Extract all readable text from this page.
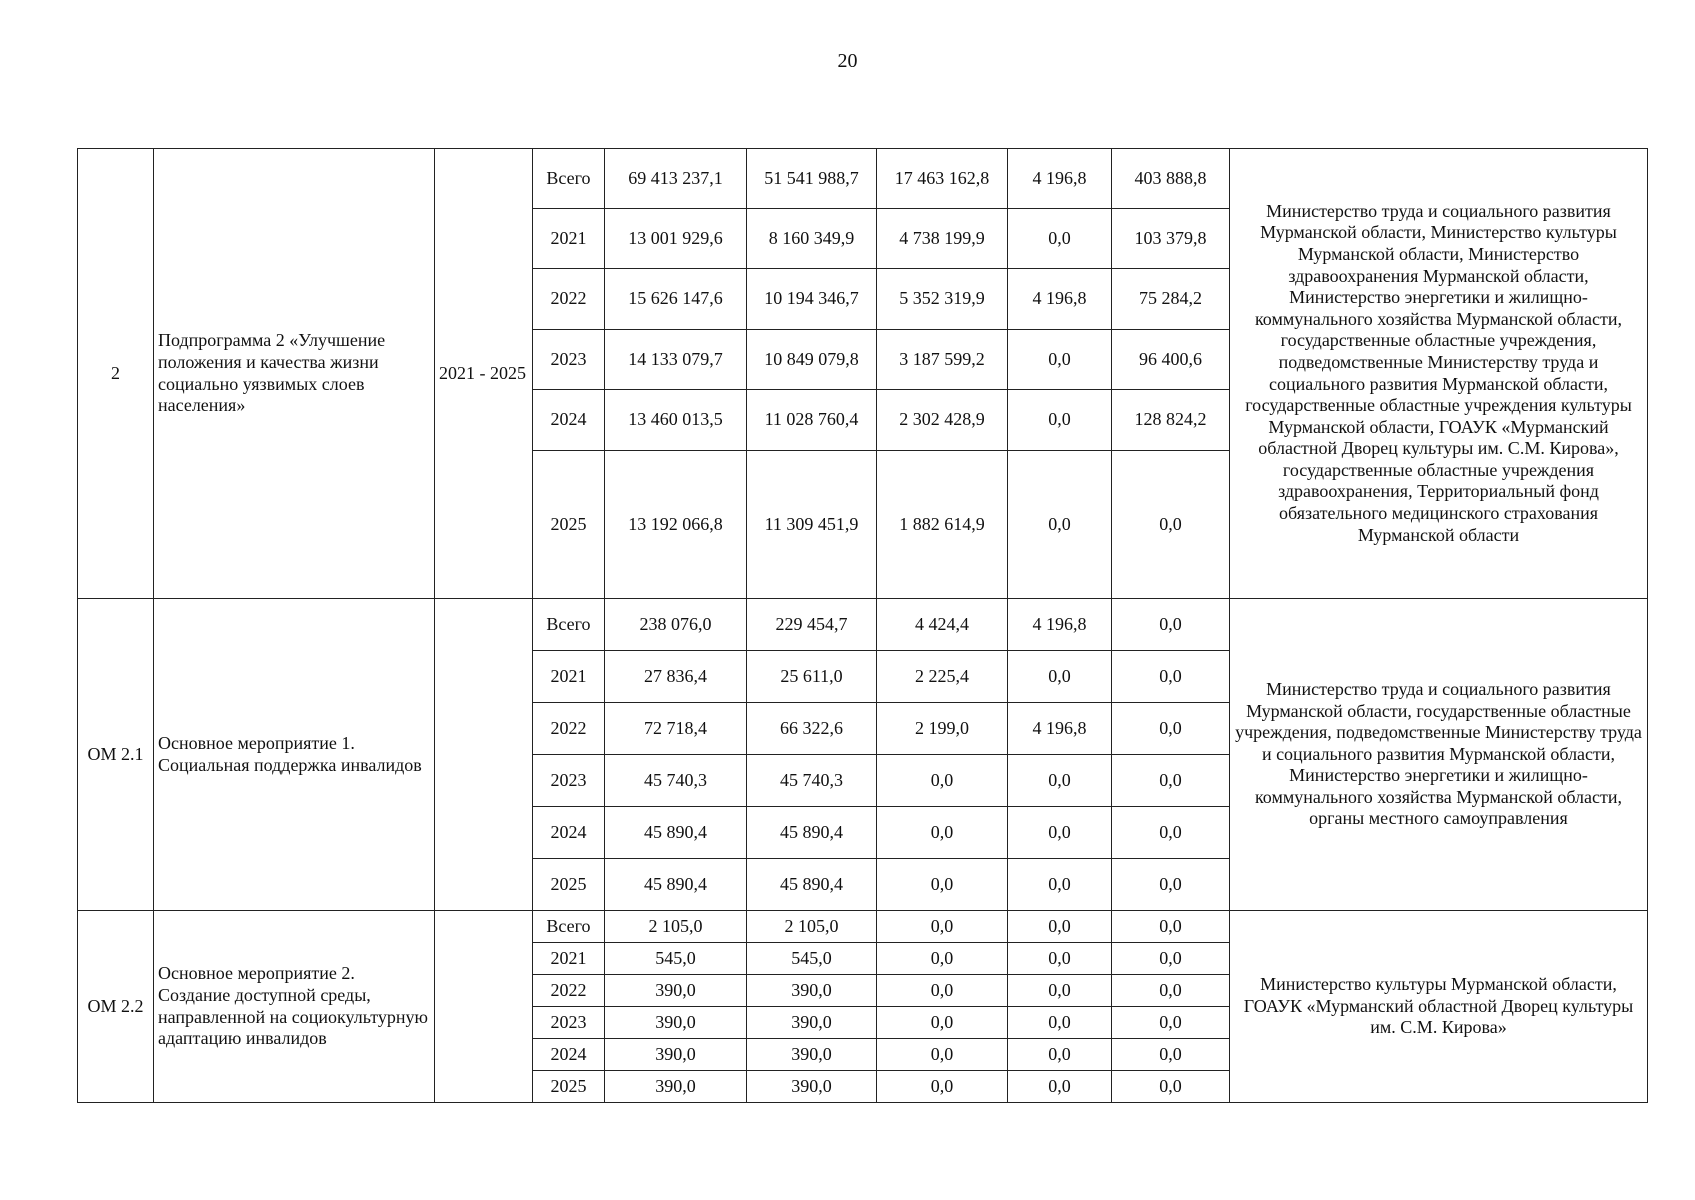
20
2	Подпрограмма 2 «Улучшение положения и качества жизни социально уязвимых слоев населения»	2021 - 2025	Всего	69 413 237,1	51 541 988,7	17 463 162,8	4 196,8	403 888,8	Министерство труда и социального развития Мурманской области, Министерство культуры Мурманской области, Министерство здравоохранения Мурманской области, Министерство энергетики и жилищно-коммунального хозяйства Мурманской области, государственные областные учреждения, подведомственные Министерству труда и социального развития Мурманской области, государственные областные учреждения культуры Мурманской области, ГОАУК «Мурманский областной Дворец культуры им. С.М. Кирова», государственные областные учреждения здравоохранения, Территориальный фонд обязательного медицинского страхования Мурманской области
			2021	13 001 929,6	8 160 349,9	4 738 199,9	0,0	103 379,8	
			2022	15 626 147,6	10 194 346,7	5 352 319,9	4 196,8	75 284,2	
			2023	14 133 079,7	10 849 079,8	3 187 599,2	0,0	96 400,6	
			2024	13 460 013,5	11 028 760,4	2 302 428,9	0,0	128 824,2	
			2025	13 192 066,8	11 309 451,9	1 882 614,9	0,0	0,0	
ОМ 2.1	Основное мероприятие 1. Социальная поддержка инвалидов		Всего	238 076,0	229 454,7	4 424,4	4 196,8	0,0	Министерство труда и социального развития Мурманской области, государственные областные учреждения, подведомственные Министерству труда и социального развития Мурманской области, Министерство энергетики и жилищно-коммунального хозяйства Мурманской области, органы местного самоуправления
			2021	27 836,4	25 611,0	2 225,4	0,0	0,0	
			2022	72 718,4	66 322,6	2 199,0	4 196,8	0,0	
			2023	45 740,3	45 740,3	0,0	0,0	0,0	
			2024	45 890,4	45 890,4	0,0	0,0	0,0	
			2025	45 890,4	45 890,4	0,0	0,0	0,0	
ОМ 2.2	Основное мероприятие 2. Создание доступной среды, направленной на социокультурную адаптацию инвалидов		Всего	2 105,0	2 105,0	0,0	0,0	0,0	Министерство культуры Мурманской области, ГОАУК «Мурманский областной Дворец культуры им. С.М. Кирова»
			2021	545,0	545,0	0,0	0,0	0,0	
			2022	390,0	390,0	0,0	0,0	0,0	
			2023	390,0	390,0	0,0	0,0	0,0	
			2024	390,0	390,0	0,0	0,0	0,0	
			2025	390,0	390,0	0,0	0,0	0,0	
